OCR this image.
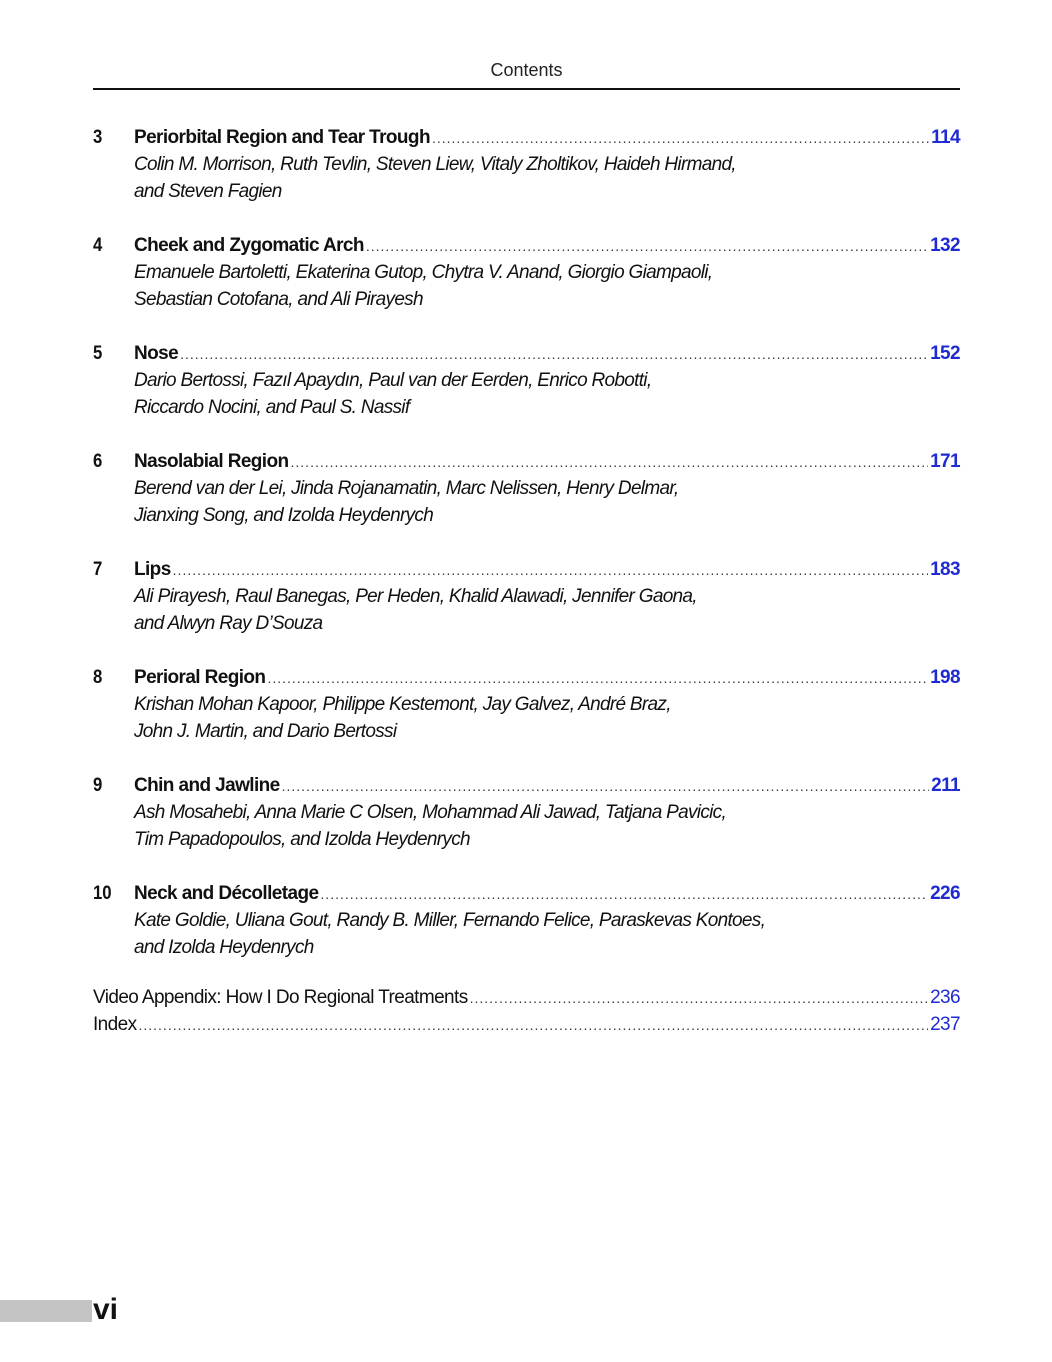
Contents
3 Periorbital Region and Tear Trough .....	114
Colin M. Morrison, Ruth Tevlin, Steven Liew, Vitaly Zholtikov, Haideh Hirmand,
and Steven Fagien
4 Cheek and Zygomatic Arch .....	132
Emanuele Bartoletti, Ekaterina Gutop, Chytra V. Anand, Giorgio Giampaoli,
Sebastian Cotofana, and Ali Pirayesh
5 Nose .....	152
Dario Bertossi, Fazıl Apaydın, Paul van der Eerden, Enrico Robotti,
Riccardo Nocini, and Paul S. Nassif
6 Nasolabial Region .....	171
Berend van der Lei, Jinda Rojanamatin, Marc Nelissen, Henry Delmar,
Jianxing Song, and Izolda Heydenrych
7 Lips .....	183
Ali Pirayesh, Raul Banegas, Per Heden, Khalid Alawadi, Jennifer Gaona,
and Alwyn Ray D’Souza
8 Perioral Region .....	198
Krishan Mohan Kapoor, Philippe Kestemont, Jay Galvez, André Braz,
John J. Martin, and Dario Bertossi
9 Chin and Jawline .....	211
Ash Mosahebi, Anna Marie C Olsen, Mohammad Ali Jawad, Tatjana Pavicic,
Tim Papadopoulos, and Izolda Heydenrych
10 Neck and Décolletage .....	226
Kate Goldie, Uliana Gout, Randy B. Miller, Fernando Felice, Paraskevas Kontoes,
and Izolda Heydenrych
Video Appendix: How I Do Regional Treatments .....	236
Index .....	237
vi
